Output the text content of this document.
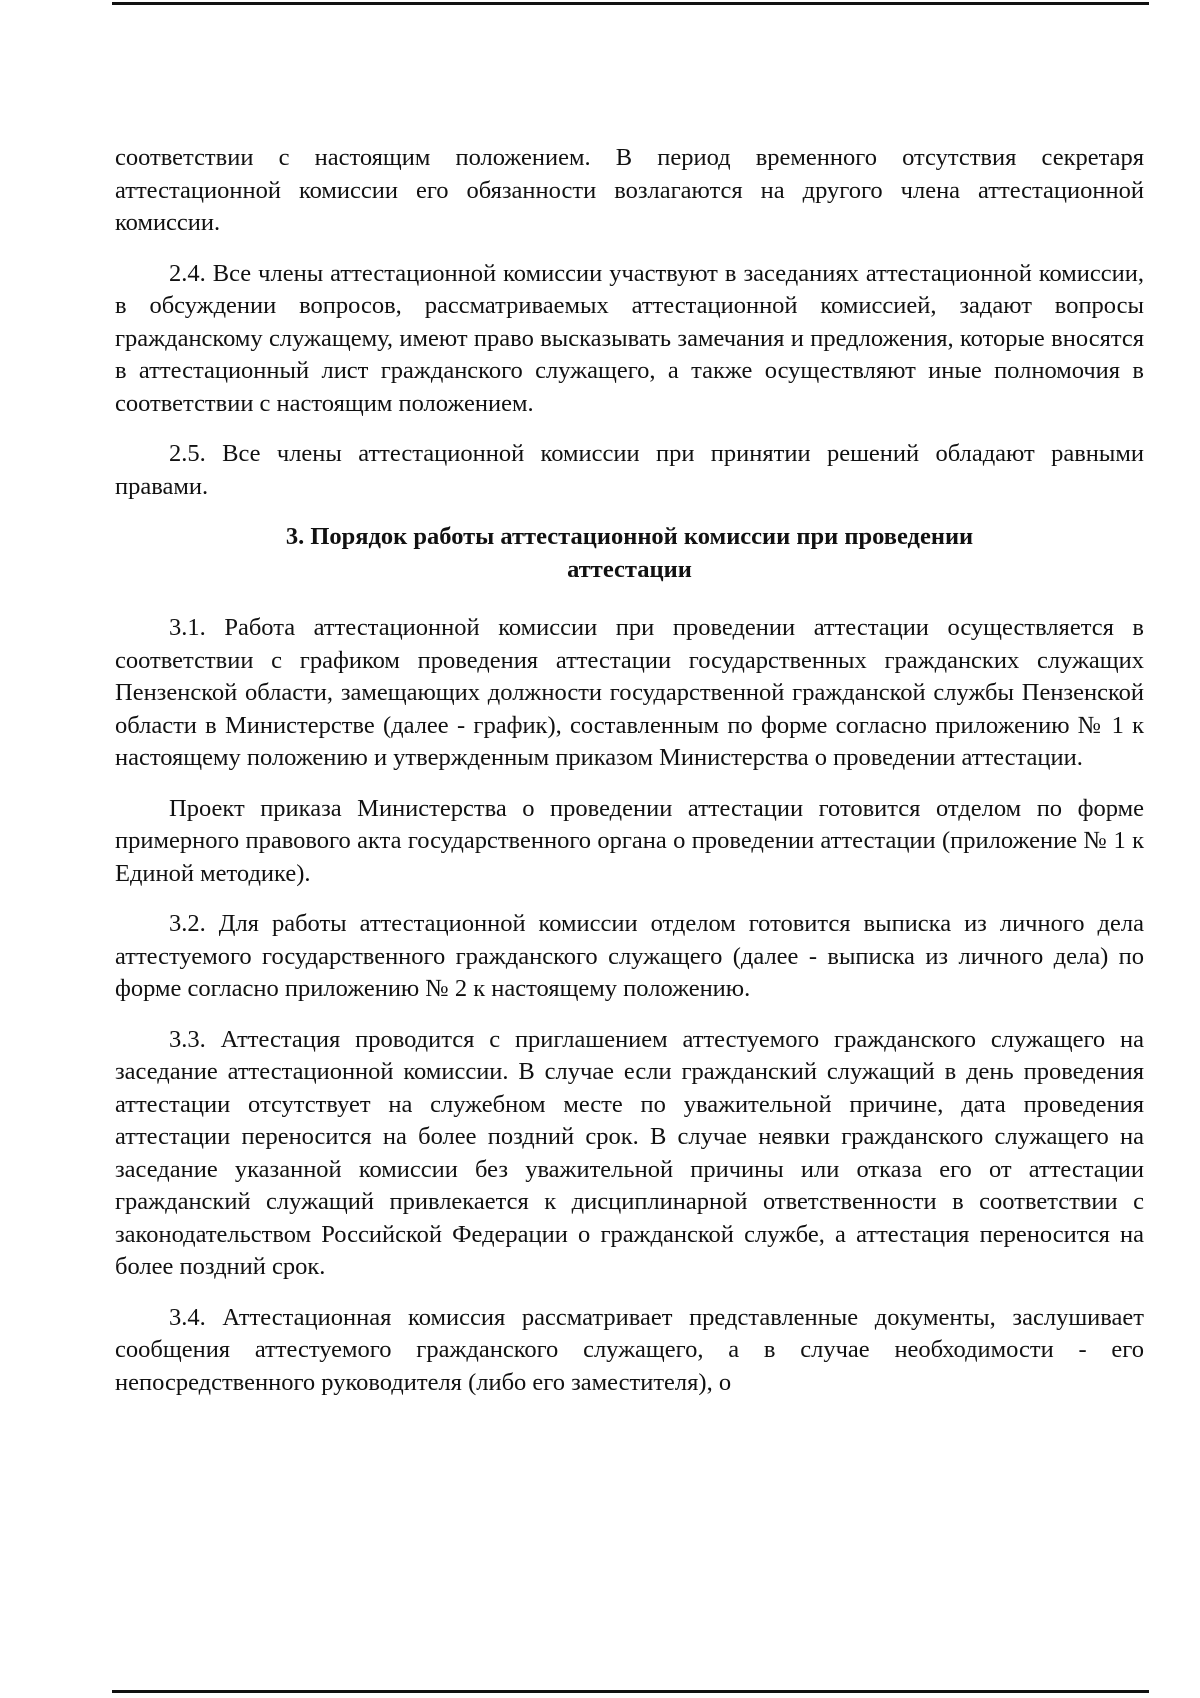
соответствии с настоящим положением. В период временного отсутствия секретаря аттестационной комиссии его обязанности возлагаются на другого члена аттестационной комиссии.

2.4. Все члены аттестационной комиссии участвуют в заседаниях аттестационной комиссии, в обсуждении вопросов, рассматриваемых аттестационной комиссией, задают вопросы гражданскому служащему, имеют право высказывать замечания и предложения, которые вносятся в аттестационный лист гражданского служащего, а также осуществляют иные полномочия в соответствии с настоящим положением.

2.5. Все члены аттестационной комиссии при принятии решений обладают равными правами.

3. Порядок работы аттестационной комиссии при проведении аттестации

3.1. Работа аттестационной комиссии при проведении аттестации осуществляется в соответствии с графиком проведения аттестации государственных гражданских служащих Пензенской области, замещающих должности государственной гражданской службы Пензенской области в Министерстве (далее - график), составленным по форме согласно приложению № 1 к настоящему положению и утвержденным приказом Министерства о проведении аттестации.

Проект приказа Министерства о проведении аттестации готовится отделом по форме примерного правового акта государственного органа о проведении аттестации (приложение № 1 к Единой методике).

3.2. Для работы аттестационной комиссии отделом готовится выписка из личного дела аттестуемого государственного гражданского служащего (далее - выписка из личного дела) по форме согласно приложению № 2 к настоящему положению.

3.3. Аттестация проводится с приглашением аттестуемого гражданского служащего на заседание аттестационной комиссии. В случае если гражданский служащий в день проведения аттестации отсутствует на служебном месте по уважительной причине, дата проведения аттестации переносится на более поздний срок. В случае неявки гражданского служащего на заседание указанной комиссии без уважительной причины или отказа его от аттестации гражданский служащий привлекается к дисциплинарной ответственности в соответствии с законодательством Российской Федерации о гражданской службе, а аттестация переносится на более поздний срок.

3.4. Аттестационная комиссия рассматривает представленные документы, заслушивает сообщения аттестуемого гражданского служащего, а в случае необходимости - его непосредственного руководителя (либо его заместителя), о
